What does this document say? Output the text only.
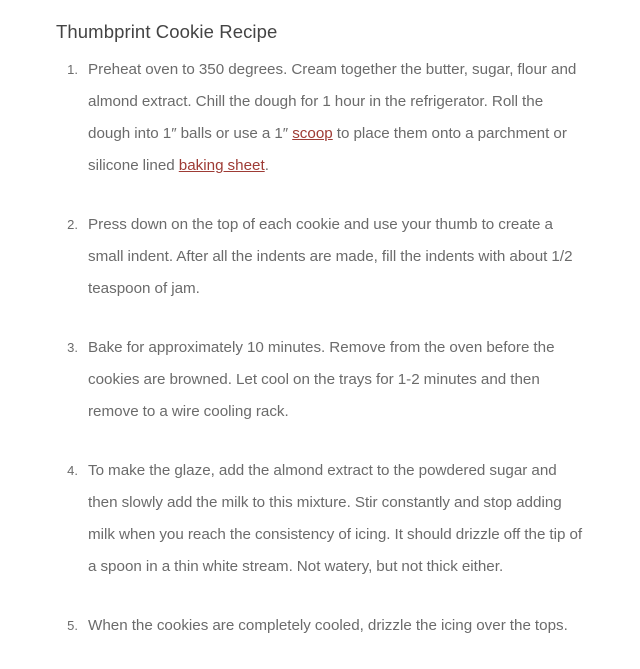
Thumbprint Cookie Recipe
1. Preheat oven to 350 degrees. Cream together the butter, sugar, flour and almond extract. Chill the dough for 1 hour in the refrigerator. Roll the dough into 1″ balls or use a 1″ scoop to place them onto a parchment or silicone lined baking sheet.
2. Press down on the top of each cookie and use your thumb to create a small indent. After all the indents are made, fill the indents with about 1/2 teaspoon of jam.
3. Bake for approximately 10 minutes. Remove from the oven before the cookies are browned. Let cool on the trays for 1-2 minutes and then remove to a wire cooling rack.
4. To make the glaze, add the almond extract to the powdered sugar and then slowly add the milk to this mixture. Stir constantly and stop adding milk when you reach the consistency of icing. It should drizzle off the tip of a spoon in a thin white stream. Not watery, but not thick either.
5. When the cookies are completely cooled, drizzle the icing over the tops.
